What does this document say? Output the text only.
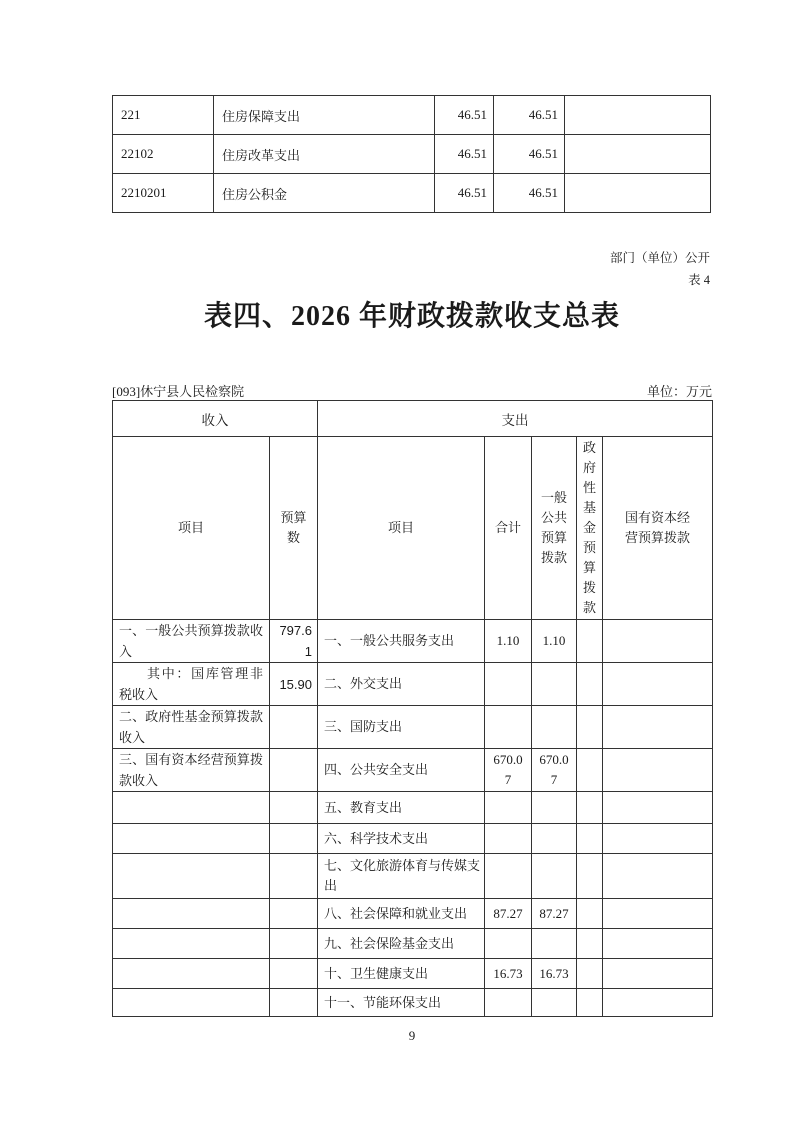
221	住房保障支出	46.51	46.51	
22102	住房改革支出	46.51	46.51	
2210201	住房公积金	46.51	46.51	
部门（单位）公开
表 4
表四、2026 年财政拨款收支总表
[093]休宁县人民检察院	单位：万元
收入		支出				
项目	预算数	项目	合计	一般公共预算拨款	政府性基金预算拨款	国有资本经营预算拨款
一、一般公共预算拨款收入	797.61	一、一般公共服务支出	1.10	1.10		
其中：国库管理非税收入	15.90	二、外交支出				
二、政府性基金预算拨款收入		三、国防支出				
三、国有资本经营预算拨款收入		四、公共安全支出	670.07	670.07		
		五、教育支出				
		六、科学技术支出				
		七、文化旅游体育与传媒支出				
		八、社会保障和就业支出	87.27	87.27		
		九、社会保险基金支出				
		十、卫生健康支出	16.73	16.73		
		十一、节能环保支出				
9
